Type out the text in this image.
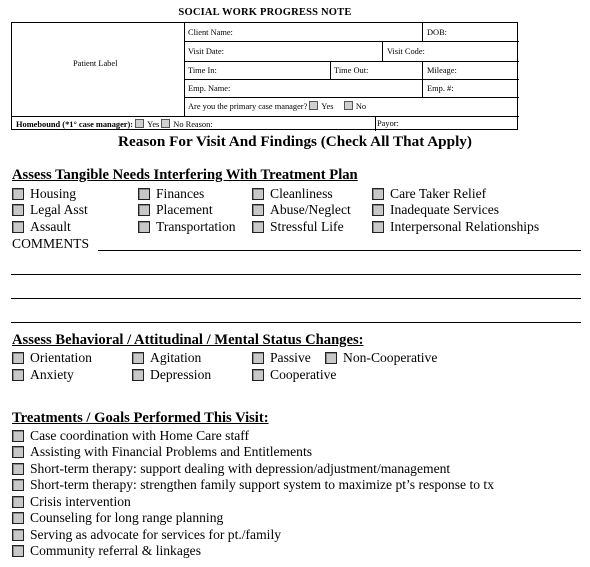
SOCIAL WORK PROGRESS NOTE
Patient Label
Client Name:	DOB:
Visit Date:	Visit Code:
Time In:	Time Out:	Mileage:
Emp. Name:	Emp. #:
Are you the primary case manager? Yes	No
Homebound (*1° case manager): Yes No Reason:	Payor:
Reason For Visit And Findings (Check All That Apply)
Assess Tangible Needs Interfering With Treatment Plan
Housing	Finances	Cleanliness	Care Taker Relief
Legal Asst	Placement	Abuse/Neglect	Inadequate Services
Assault	Transportation	Stressful Life	Interpersonal Relationships
COMMENTS
Assess Behavioral / Attitudinal / Mental Status Changes:
Orientation	Agitation	Passive	Non-Cooperative
Anxiety	Depression	Cooperative
Treatments / Goals Performed This Visit:
Case coordination with Home Care staff
Assisting with Financial Problems and Entitlements
Short-term therapy: support dealing with depression/adjustment/management
Short-term therapy: strengthen family support system to maximize pt’s response to tx
Crisis intervention
Counseling for long range planning
Serving as advocate for services for pt./family
Community referral & linkages
